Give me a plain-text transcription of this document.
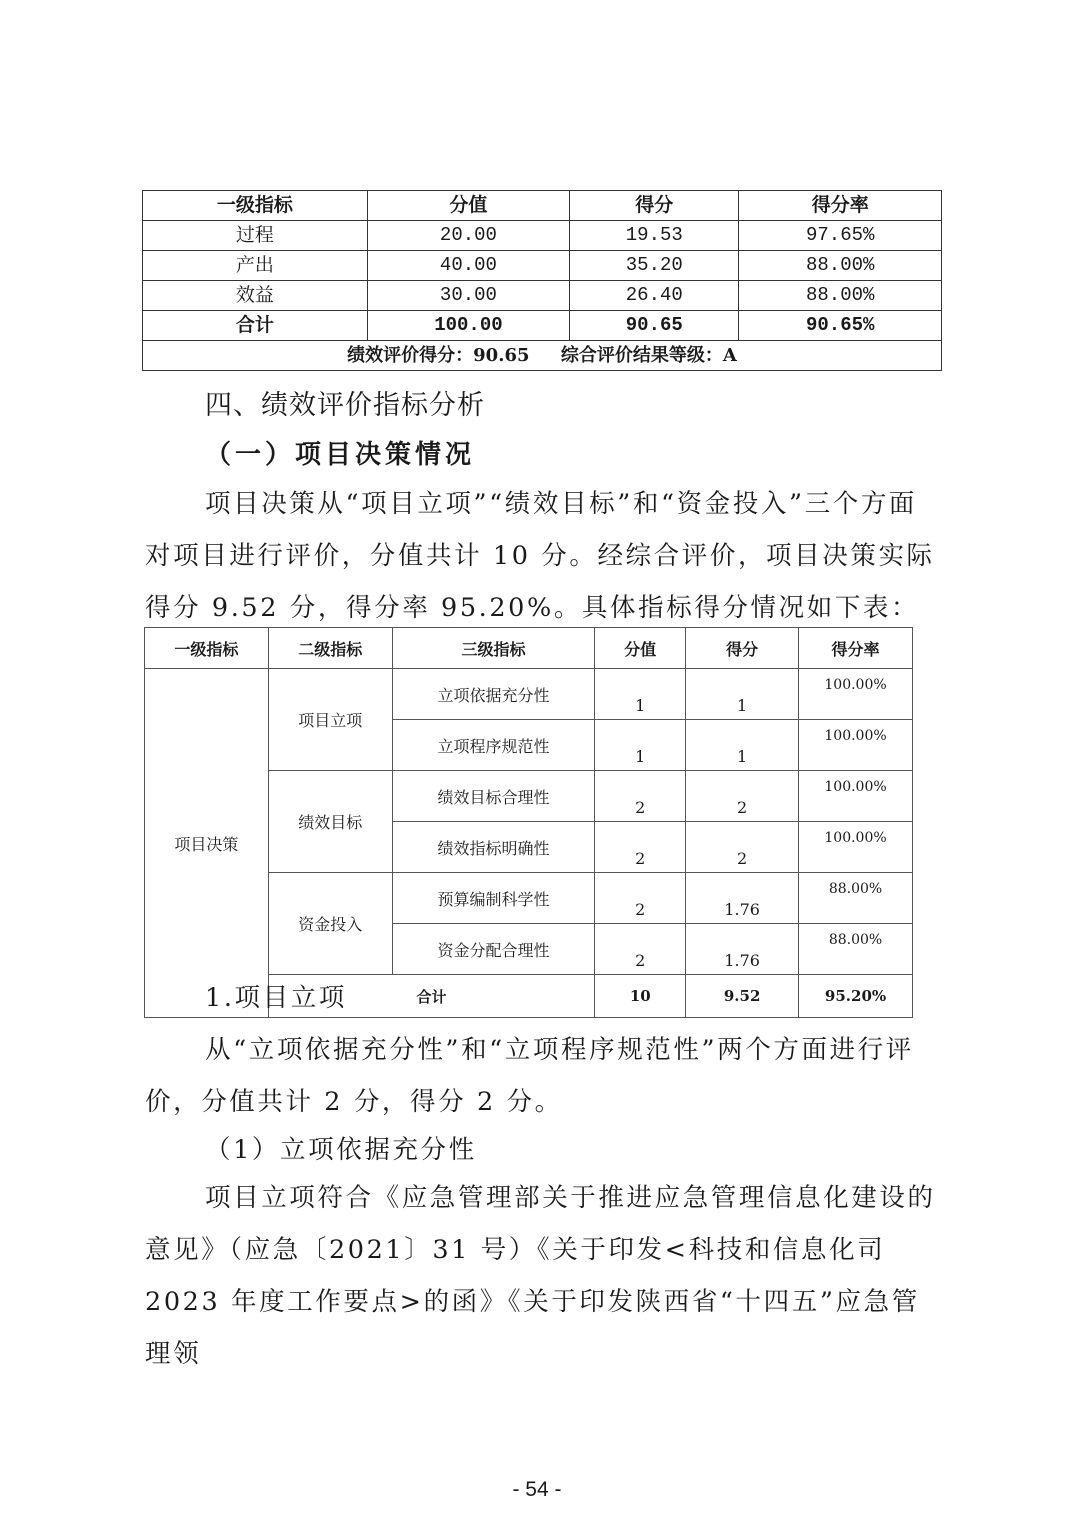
一级指标	分值	得分	得分率
过程	20.00	19.53	97.65%
产出	40.00	35.20	88.00%
效益	30.00	26.40	88.00%
合计	100.00	90.65	90.65%
绩效评价得分：90.65 综合评价结果等级：A			
四、绩效评价指标分析
（一）项目决策情况
项目决策从“项目立项”“绩效目标”和“资金投入”三个方面对项目进行评价，分值共计 10 分。经综合评价，项目决策实际得分 9.52 分，得分率 95.20%。具体指标得分情况如下表：
一级指标	二级指标	三级指标	分值	得分	得分率
项目决策	项目立项	立项依据充分性	1	1	100.00%
		立项程序规范性	1	1	100.00%
	绩效目标	绩效目标合理性	2	2	100.00%
		绩效指标明确性	2	2	100.00%
	资金投入	预算编制科学性	2	1.76	88.00%
		资金分配合理性	2	1.76	88.00%
	合计		10	9.52	95.20%
1.项目立项
从“立项依据充分性”和“立项程序规范性”两个方面进行评价，分值共计 2 分，得分 2 分。
（1）立项依据充分性
项目立项符合《应急管理部关于推进应急管理信息化建设的意见》（应急〔2021〕31 号）《关于印发<科技和信息化司 2023 年度工作要点>的函》《关于印发陕西省“十四五”应急管理领
- 54 -
